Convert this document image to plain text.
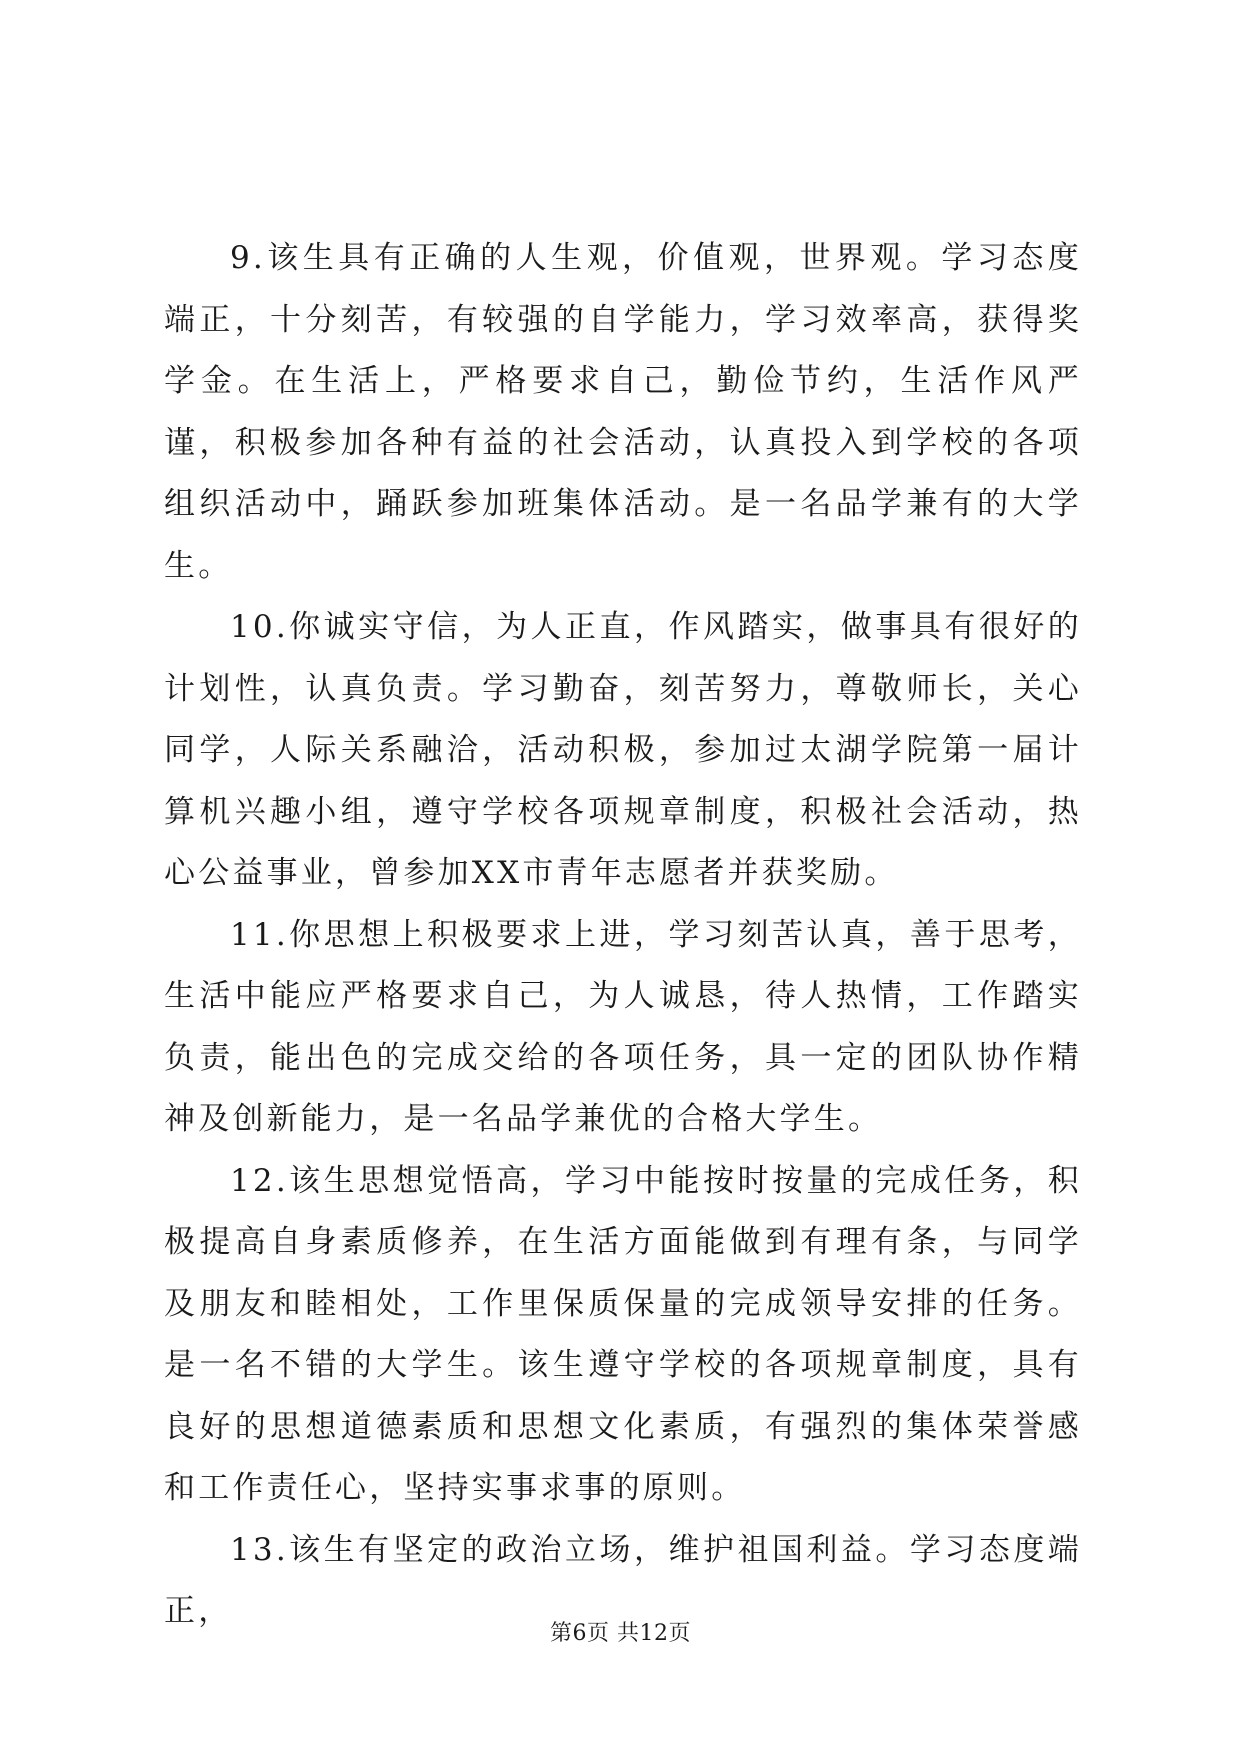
9.该生具有正确的人生观，价值观，世界观。学习态度端正，十分刻苦，有较强的自学能力，学习效率高，获得奖学金。在生活上，严格要求自己，勤俭节约，生活作风严谨，积极参加各种有益的社会活动，认真投入到学校的各项组织活动中，踊跃参加班集体活动。是一名品学兼有的大学生。

10.你诚实守信，为人正直，作风踏实，做事具有很好的计划性，认真负责。学习勤奋，刻苦努力，尊敬师长，关心同学，人际关系融洽，活动积极，参加过太湖学院第一届计算机兴趣小组，遵守学校各项规章制度，积极社会活动，热心公益事业，曾参加XX市青年志愿者并获奖励。

11.你思想上积极要求上进，学习刻苦认真，善于思考，生活中能应严格要求自己，为人诚恳，待人热情，工作踏实负责，能出色的完成交给的各项任务，具一定的团队协作精神及创新能力，是一名品学兼优的合格大学生。

12.该生思想觉悟高，学习中能按时按量的完成任务，积极提高自身素质修养，在生活方面能做到有理有条，与同学及朋友和睦相处，工作里保质保量的完成领导安排的任务。是一名不错的大学生。该生遵守学校的各项规章制度，具有良好的思想道德素质和思想文化素质，有强烈的集体荣誉感和工作责任心，坚持实事求事的原则。

13.该生有坚定的政治立场，维护祖国利益。学习态度端正，

第6页 共12页
